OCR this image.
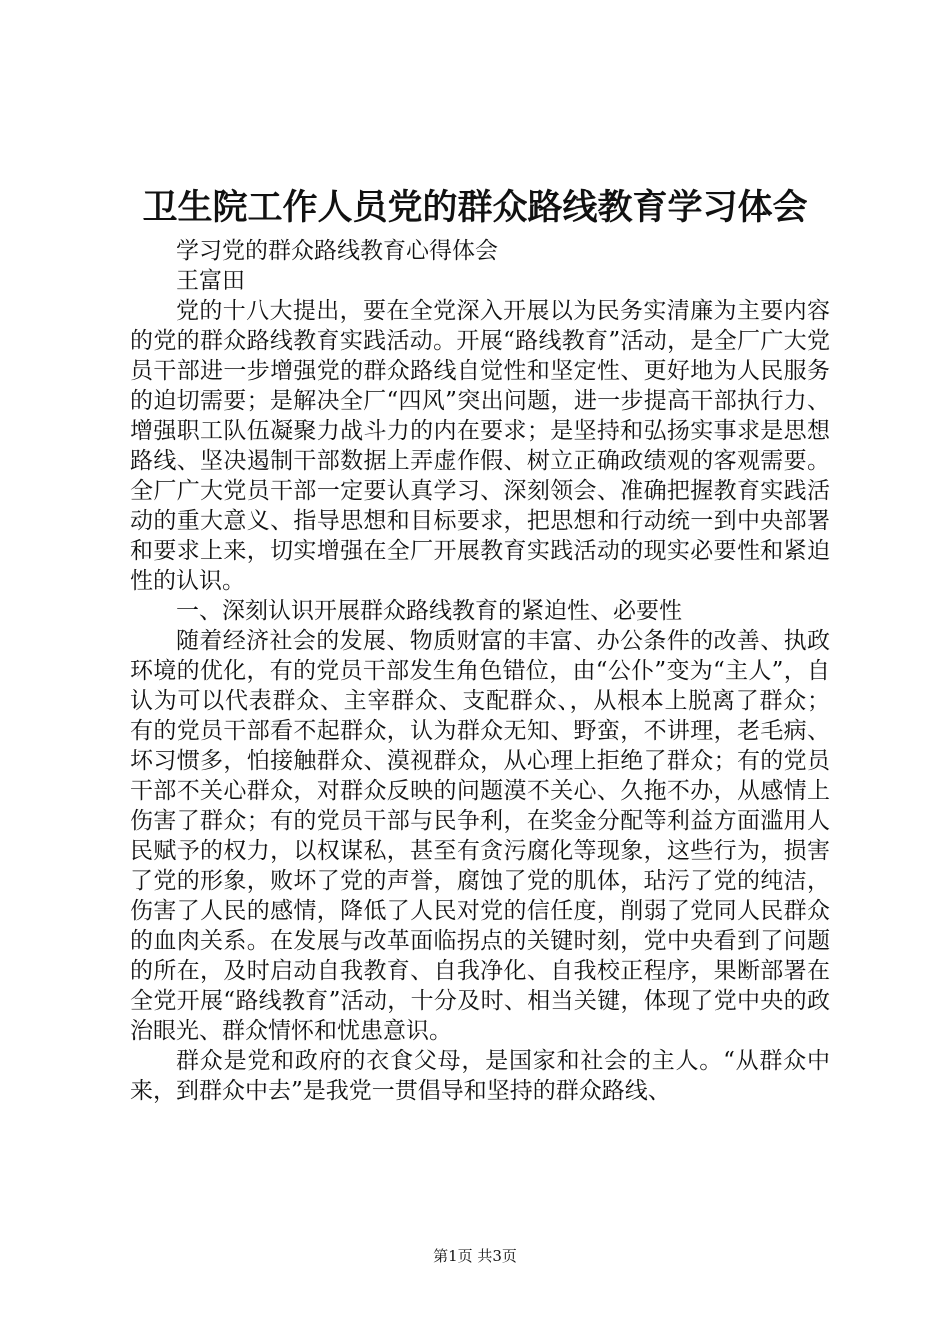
卫生院工作人员党的群众路线教育学习体会

学习党的群众路线教育心得体会

王富田

党的十八大提出，要在全党深入开展以为民务实清廉为主要内容的党的群众路线教育实践活动。开展“路线教育”活动，是全厂广大党员干部进一步增强党的群众路线自觉性和坚定性、更好地为人民服务的迫切需要；是解决全厂“四风”突出问题，进一步提高干部执行力、增强职工队伍凝聚力战斗力的内在要求；是坚持和弘扬实事求是思想路线、坚决遏制干部数据上弄虚作假、树立正确政绩观的客观需要。全厂广大党员干部一定要认真学习、深刻领会、准确把握教育实践活动的重大意义、指导思想和目标要求，把思想和行动统一到中央部署和要求上来，切实增强在全厂开展教育实践活动的现实必要性和紧迫性的认识。

一、深刻认识开展群众路线教育的紧迫性、必要性

随着经济社会的发展、物质财富的丰富、办公条件的改善、执政环境的优化，有的党员干部发生角色错位，由“公仆”变为“主人”，自认为可以代表群众、主宰群众、支配群众、，从根本上脱离了群众；有的党员干部看不起群众，认为群众无知、野蛮，不讲理，老毛病、坏习惯多，怕接触群众、漠视群众，从心理上拒绝了群众；有的党员干部不关心群众，对群众反映的问题漠不关心、久拖不办，从感情上伤害了群众；有的党员干部与民争利，在奖金分配等利益方面滥用人民赋予的权力，以权谋私，甚至有贪污腐化等现象，这些行为，损害了党的形象，败坏了党的声誉，腐蚀了党的肌体，玷污了党的纯洁，伤害了人民的感情，降低了人民对党的信任度，削弱了党同人民群众的血肉关系。在发展与改革面临拐点的关键时刻，党中央看到了问题的所在，及时启动自我教育、自我净化、自我校正程序，果断部署在全党开展“路线教育”活动，十分及时、相当关键，体现了党中央的政治眼光、群众情怀和忧患意识。

群众是党和政府的衣食父母，是国家和社会的主人。“从群众中来，到群众中去”是我党一贯倡导和坚持的群众路线、

第1页 共3页
